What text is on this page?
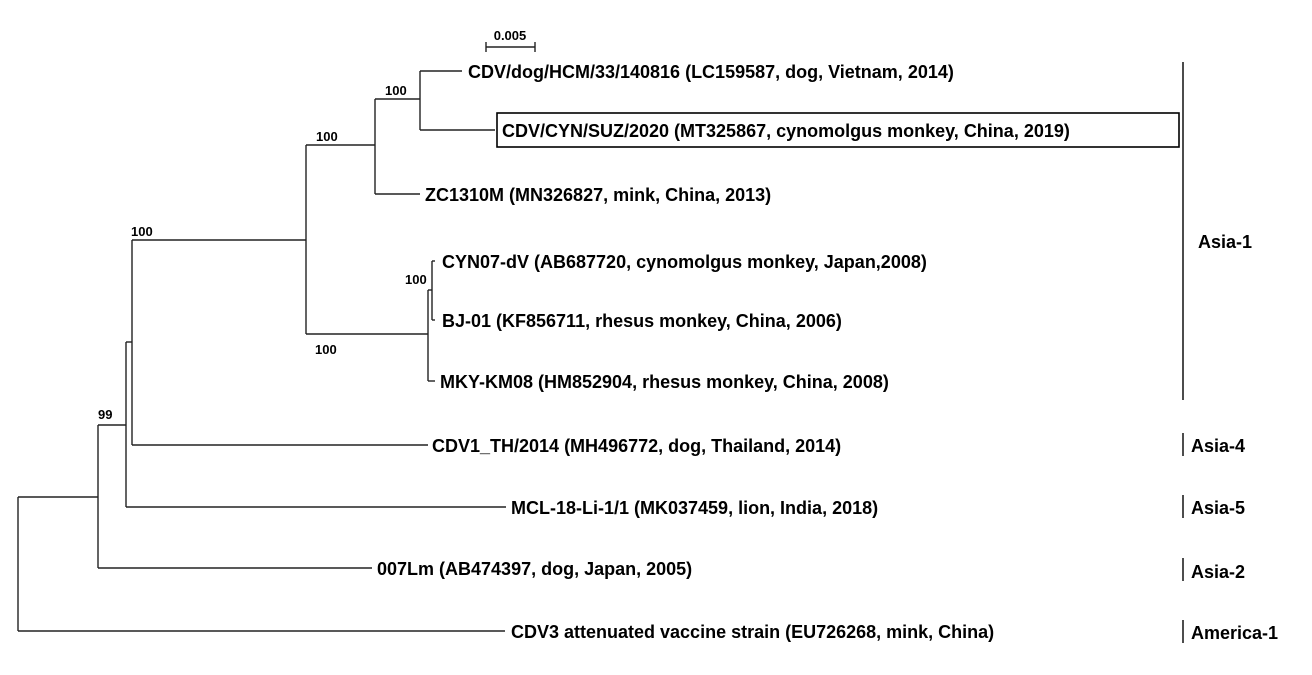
0.005
CDV/dog/HCM/33/140816 (LC159587, dog, Vietnam, 2014)
CDV/CYN/SUZ/2020 (MT325867, cynomolgus monkey, China, 2019)
ZC1310M (MN326827, mink, China, 2013)
CYN07-dV (AB687720, cynomolgus monkey, Japan,2008)
BJ-01 (KF856711, rhesus monkey, China, 2006)
MKY-KM08 (HM852904, rhesus monkey, China, 2008)
CDV1_TH/2014 (MH496772, dog, Thailand, 2014)
MCL-18-Li-1/1 (MK037459, lion, India, 2018)
007Lm (AB474397, dog, Japan, 2005)
CDV3 attenuated vaccine strain (EU726268, mink, China)
100
100
100
100
100
99
Asia-1
Asia-4
Asia-5
Asia-2
America-1
